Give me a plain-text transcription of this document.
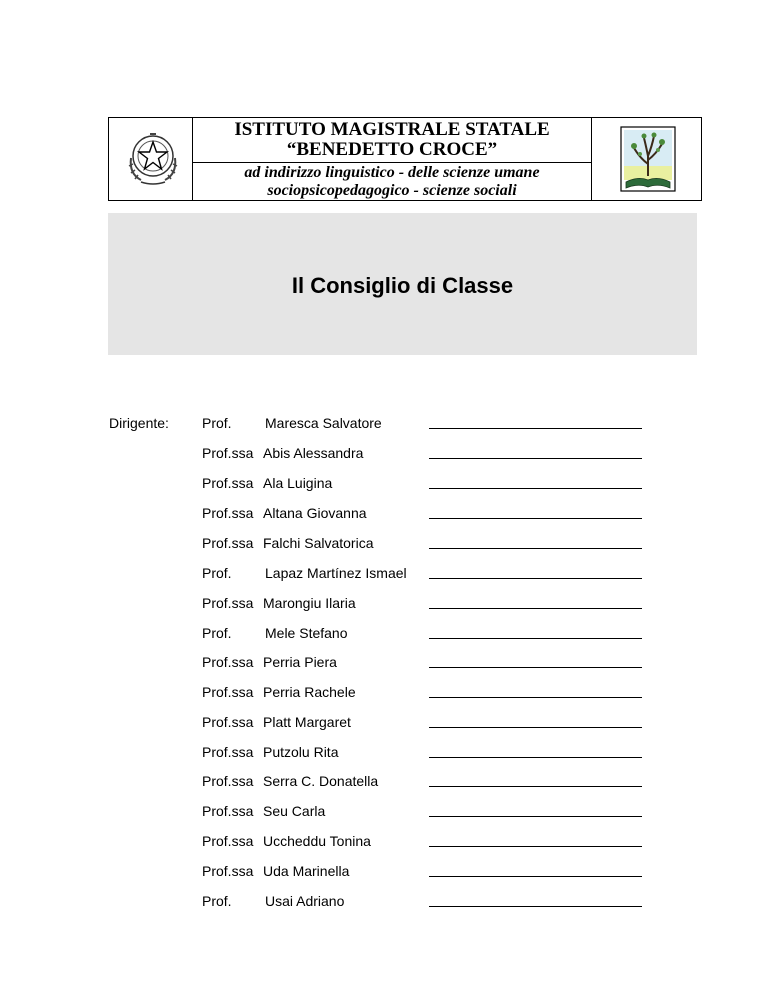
ISTITUTO MAGISTRALE STATALE
“BENEDETTO CROCE”
ad indirizzo linguistico - delle scienze umane
sociopsicopedagogico - scienze sociali
Il Consiglio di Classe
Dirigente: Prof. Maresca Salvatore
Prof.ssa Abis Alessandra
Prof.ssa Ala Luigina
Prof.ssa Altana Giovanna
Prof.ssa Falchi Salvatorica
Prof. Lapaz Martínez Ismael
Prof.ssa Marongiu Ilaria
Prof. Mele Stefano
Prof.ssa Perria Piera
Prof.ssa Perria Rachele
Prof.ssa Platt Margaret
Prof.ssa Putzolu Rita
Prof.ssa Serra C. Donatella
Prof.ssa Seu Carla
Prof.ssa Uccheddu Tonina
Prof.ssa Uda Marinella
Prof. Usai Adriano
